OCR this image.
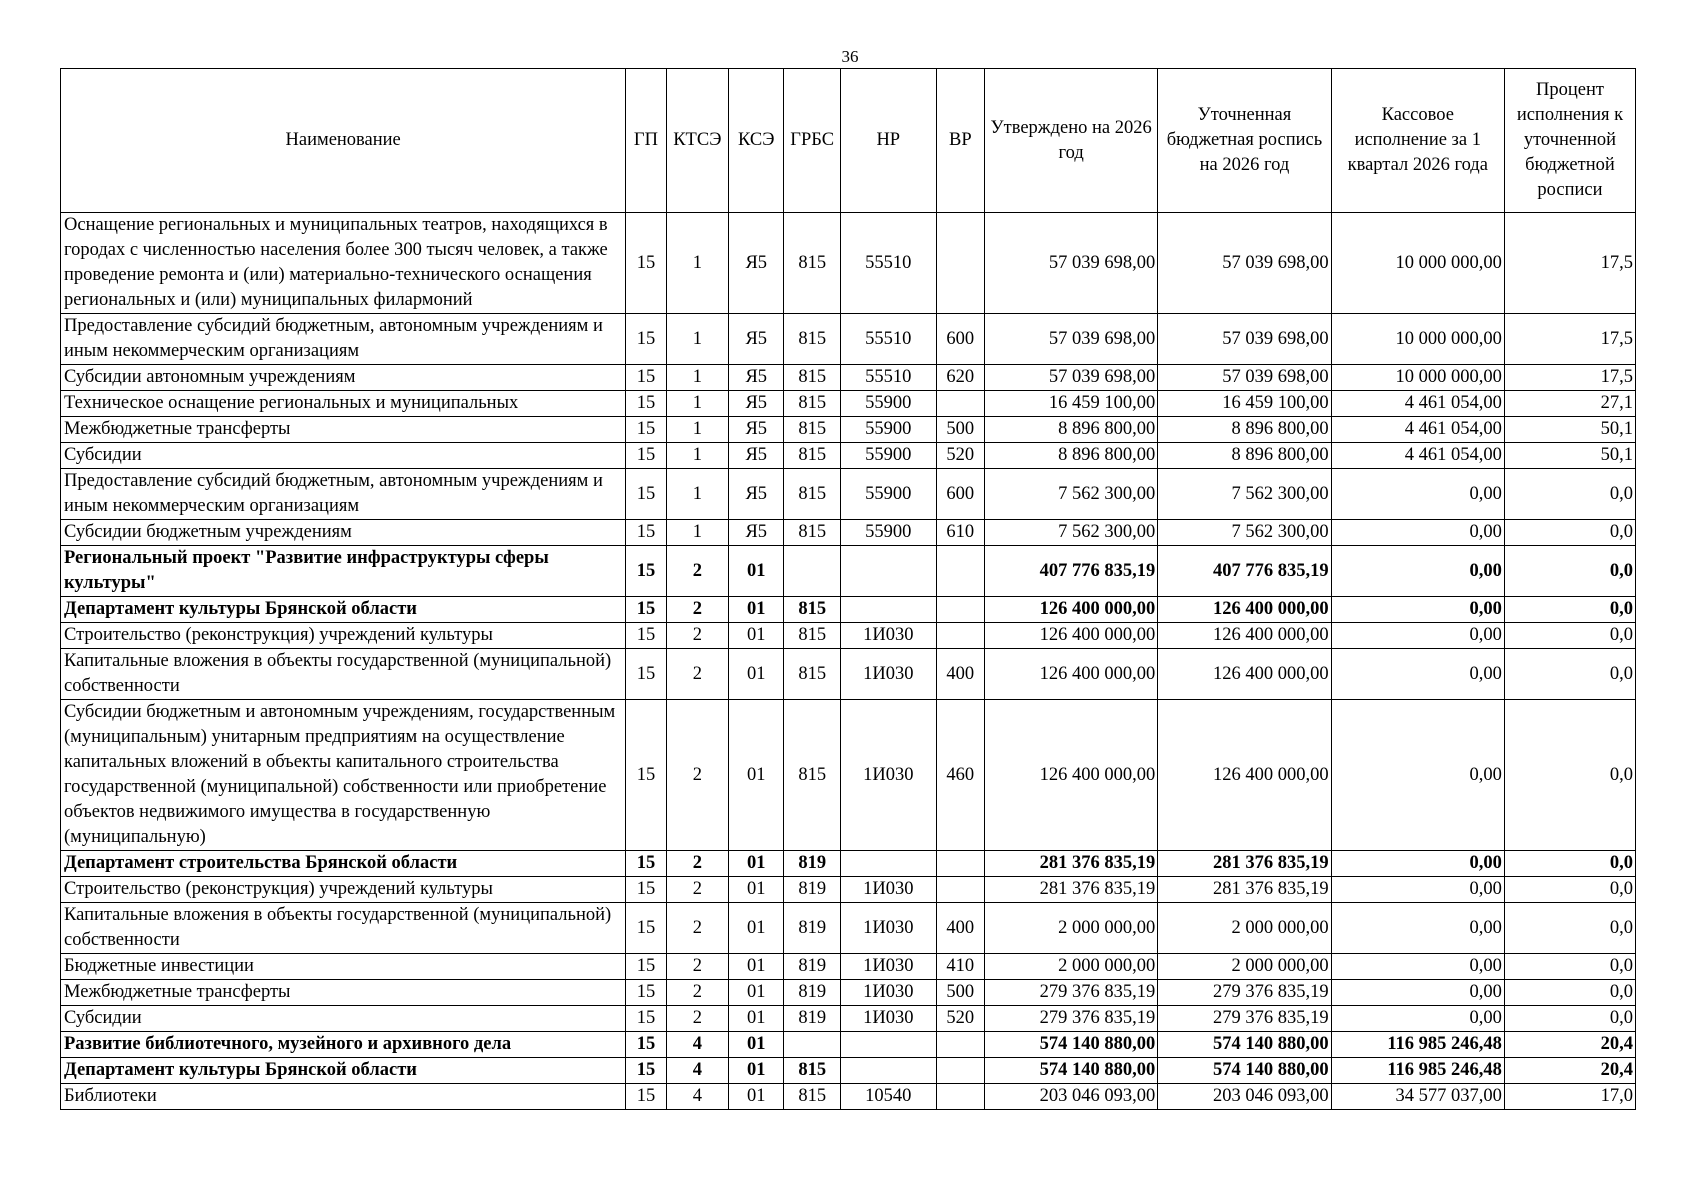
36
Наименование	ГП	КТСЭ	КСЭ	ГРБС	НР	ВР	Утверждено на 2026 год	Уточненная бюджетная роспись на 2026 год	Кассовое исполнение за 1 квартал 2026 года	Процент исполнения к уточненной бюджетной росписи
Оснащение региональных и муниципальных театров, находящихся в городах с численностью населения более 300 тысяч человек, а также проведение ремонта и (или) материально-технического оснащения региональных и (или) муниципальных филармоний	15	1	Я5	815	55510		57 039 698,00	57 039 698,00	10 000 000,00	17,5
Предоставление субсидий бюджетным, автономным учреждениям и иным некоммерческим организациям	15	1	Я5	815	55510	600	57 039 698,00	57 039 698,00	10 000 000,00	17,5
Субсидии автономным учреждениям	15	1	Я5	815	55510	620	57 039 698,00	57 039 698,00	10 000 000,00	17,5
Техническое оснащение региональных и муниципальных	15	1	Я5	815	55900		16 459 100,00	16 459 100,00	4 461 054,00	27,1
Межбюджетные трансферты	15	1	Я5	815	55900	500	8 896 800,00	8 896 800,00	4 461 054,00	50,1
Субсидии	15	1	Я5	815	55900	520	8 896 800,00	8 896 800,00	4 461 054,00	50,1
Предоставление субсидий бюджетным, автономным учреждениям и иным некоммерческим организациям	15	1	Я5	815	55900	600	7 562 300,00	7 562 300,00	0,00	0,0
Субсидии бюджетным учреждениям	15	1	Я5	815	55900	610	7 562 300,00	7 562 300,00	0,00	0,0
Региональный проект "Развитие инфраструктуры сферы культуры"	15	2	01				407 776 835,19	407 776 835,19	0,00	0,0
Департамент культуры Брянской области	15	2	01	815			126 400 000,00	126 400 000,00	0,00	0,0
Строительство (реконструкция) учреждений культуры	15	2	01	815	1И030		126 400 000,00	126 400 000,00	0,00	0,0
Капитальные вложения в объекты государственной (муниципальной) собственности	15	2	01	815	1И030	400	126 400 000,00	126 400 000,00	0,00	0,0
Субсидии бюджетным и автономным учреждениям, государственным (муниципальным) унитарным предприятиям на осуществление капитальных вложений в объекты капитального строительства государственной (муниципальной) собственности или приобретение объектов недвижимого имущества в государственную (муниципальную)	15	2	01	815	1И030	460	126 400 000,00	126 400 000,00	0,00	0,0
Департамент строительства Брянской области	15	2	01	819			281 376 835,19	281 376 835,19	0,00	0,0
Строительство (реконструкция) учреждений культуры	15	2	01	819	1И030		281 376 835,19	281 376 835,19	0,00	0,0
Капитальные вложения в объекты государственной (муниципальной) собственности	15	2	01	819	1И030	400	2 000 000,00	2 000 000,00	0,00	0,0
Бюджетные инвестиции	15	2	01	819	1И030	410	2 000 000,00	2 000 000,00	0,00	0,0
Межбюджетные трансферты	15	2	01	819	1И030	500	279 376 835,19	279 376 835,19	0,00	0,0
Субсидии	15	2	01	819	1И030	520	279 376 835,19	279 376 835,19	0,00	0,0
Развитие библиотечного, музейного и архивного дела	15	4	01				574 140 880,00	574 140 880,00	116 985 246,48	20,4
Департамент культуры Брянской области	15	4	01	815			574 140 880,00	574 140 880,00	116 985 246,48	20,4
Библиотеки	15	4	01	815	10540		203 046 093,00	203 046 093,00	34 577 037,00	17,0
